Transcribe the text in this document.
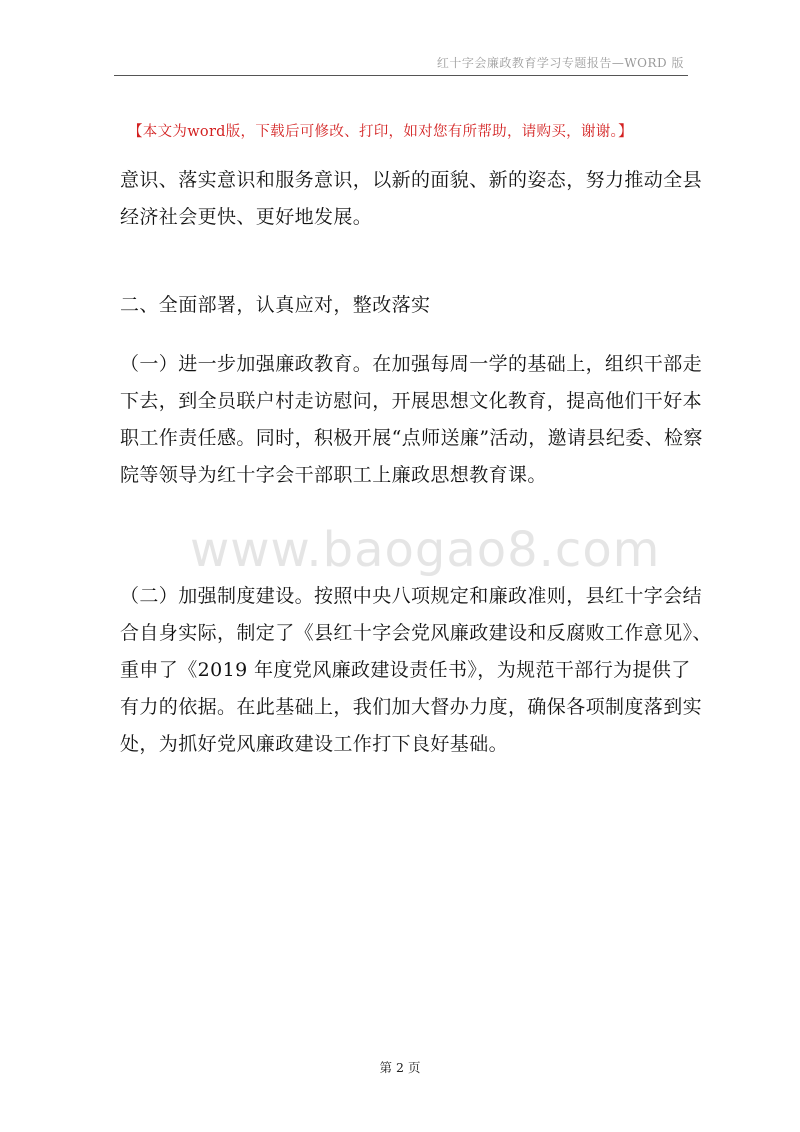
红十字会廉政教育学习专题报告—WORD 版
【本文为word版，下载后可修改、打印，如对您有所帮助，请购买，谢谢。】

意识、落实意识和服务意识，以新的面貌、新的姿态，努力推动全县

经济社会更快、更好地发展。

二、全面部署，认真应对，整改落实

（一）进一步加强廉政教育。在加强每周一学的基础上，组织干部走

下去，到全员联户村走访慰问，开展思想文化教育，提高他们干好本

职工作责任感。同时，积极开展“点师送廉”活动，邀请县纪委、检察

院等领导为红十字会干部职工上廉政思想教育课。

www.baogao8.com

（二）加强制度建设。按照中央八项规定和廉政准则，县红十字会结

合自身实际，制定了《县红十字会党风廉政建设和反腐败工作意见》、

重申了《2019 年度党风廉政建设责任书》，为规范干部行为提供了

有力的依据。在此基础上，我们加大督办力度，确保各项制度落到实

处，为抓好党风廉政建设工作打下良好基础。

第 2 页
